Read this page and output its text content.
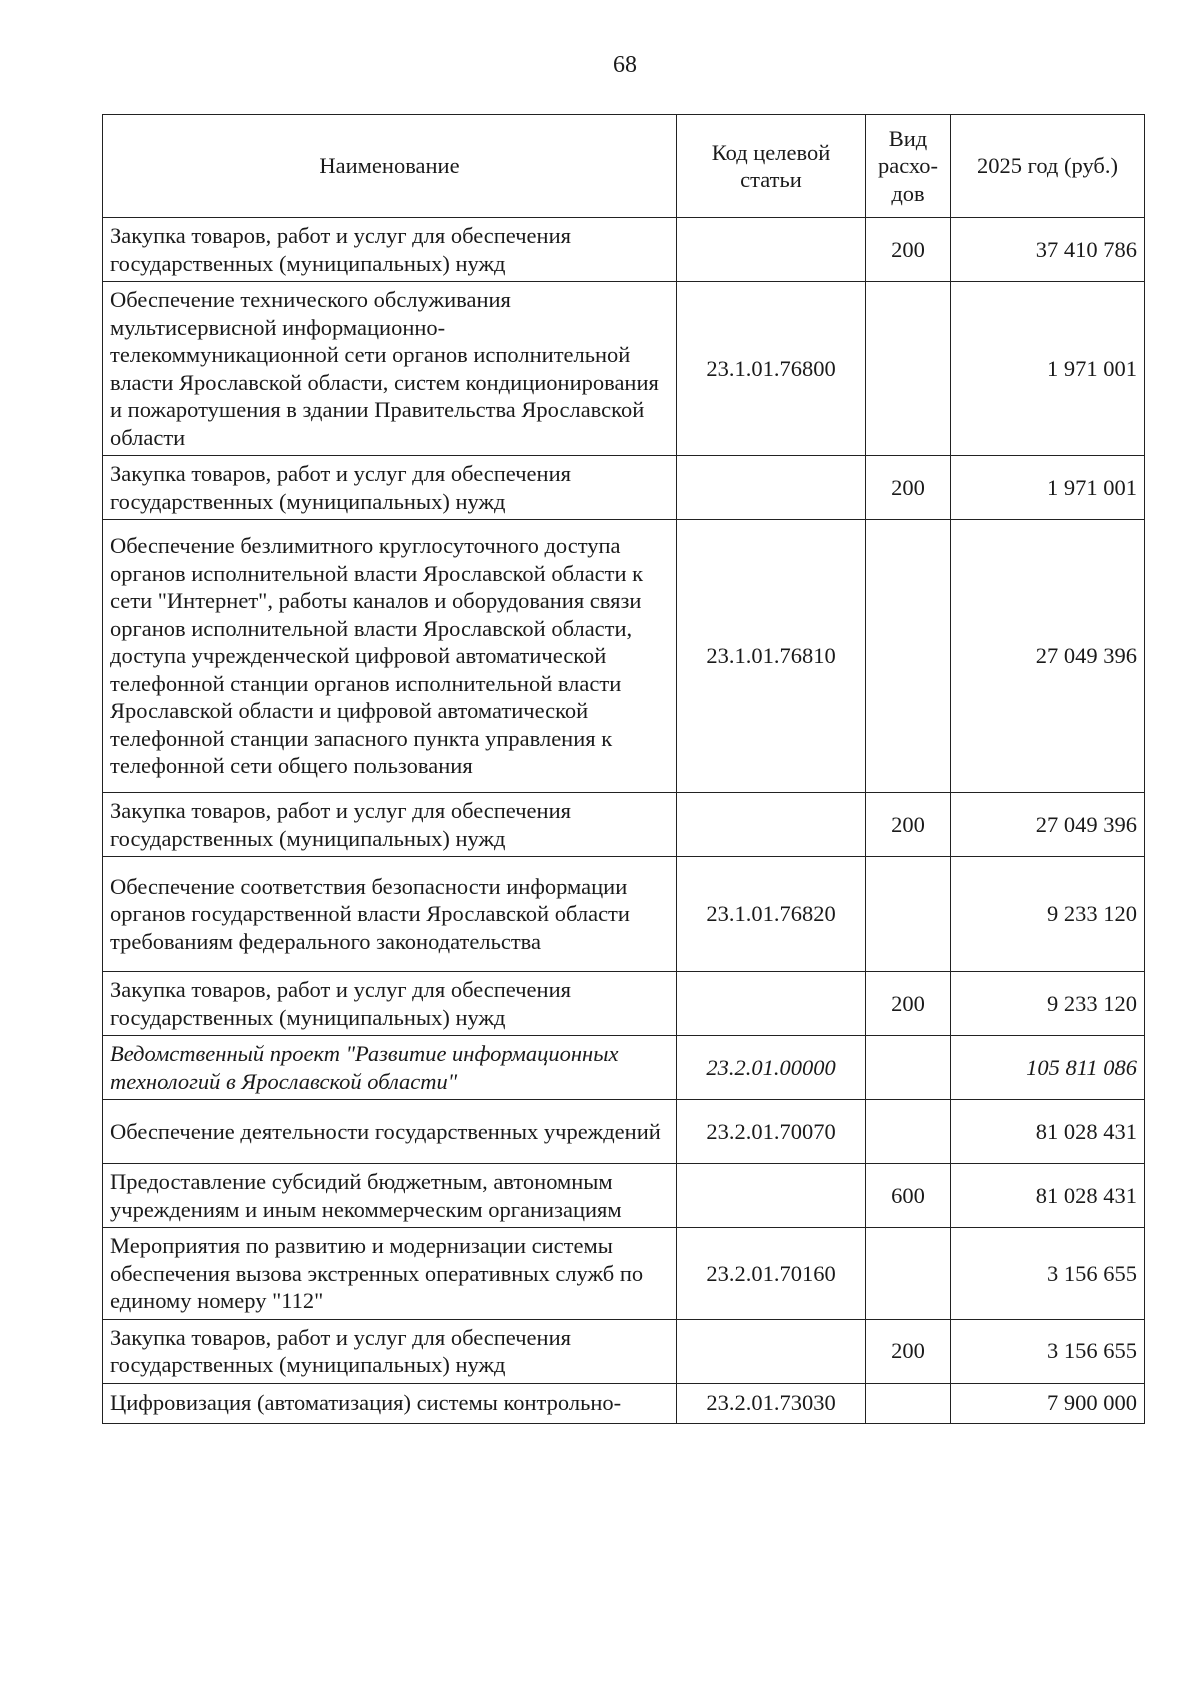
68
Наименование	Код целевой статьи	Вид расхо-дов	2025 год (руб.)
Закупка товаров, работ и услуг для обеспечения государственных (муниципальных) нужд		200	37 410 786
Обеспечение технического обслуживания мультисервисной информационно-телекоммуникационной сети органов исполнительной власти Ярославской области, систем кондиционирования и пожаротушения в здании Правительства Ярославской области	23.1.01.76800		1 971 001
Закупка товаров, работ и услуг для обеспечения государственных (муниципальных) нужд		200	1 971 001
Обеспечение безлимитного круглосуточного доступа органов исполнительной власти Ярославской области к сети "Интернет", работы каналов и оборудования связи органов исполнительной власти Ярославской области, доступа учрежденческой цифровой автоматической телефонной станции органов исполнительной власти Ярославской области и цифровой автоматической телефонной станции запасного пункта управления к телефонной сети общего пользования	23.1.01.76810		27 049 396
Закупка товаров, работ и услуг для обеспечения государственных (муниципальных) нужд		200	27 049 396
Обеспечение соответствия безопасности информации органов государственной власти Ярославской области требованиям федерального законодательства	23.1.01.76820		9 233 120
Закупка товаров, работ и услуг для обеспечения государственных (муниципальных) нужд		200	9 233 120
Ведомственный проект "Развитие информационных технологий в Ярославской области"	23.2.01.00000		105 811 086
Обеспечение деятельности государственных учреждений	23.2.01.70070		81 028 431
Предоставление субсидий бюджетным, автономным учреждениям и иным некоммерческим организациям		600	81 028 431
Мероприятия по развитию и модернизации системы обеспечения вызова экстренных оперативных служб по единому номеру "112"	23.2.01.70160		3 156 655
Закупка товаров, работ и услуг для обеспечения государственных (муниципальных) нужд		200	3 156 655
Цифровизация (автоматизация) системы контрольно-	23.2.01.73030		7 900 000
